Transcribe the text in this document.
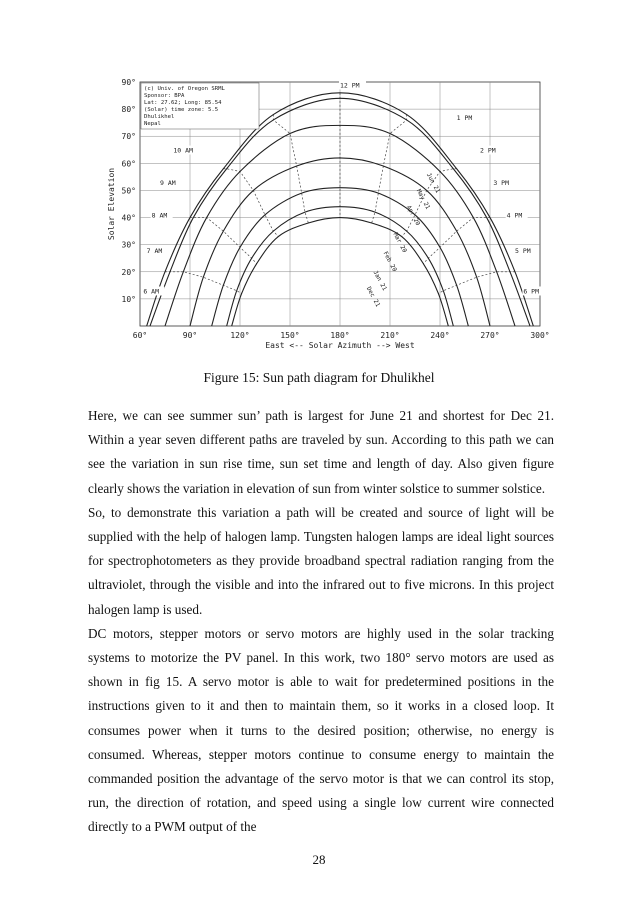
60°	90°	120°	150°	180°	210°	240°	270°	300°
10°
20°
30°
40°
50°
60°
70°
80°
90°
East <-- Solar Azimuth --> West
Solar Elevation
12 PM
1 PM
2 PM
3 PM
4 PM
5 PM
6 PM
10 AM
9 AM
8 AM
7 AM
6 AM
Jun 21
May 21
Apr 20
Mar 20
Feb 20
Jan 21
Dec 21
(c) Univ. of Oregon SRML
Sponsor: BPA
Lat: 27.62; Long: 85.54
(Solar) time zone: 5.5
Dhulikhel
Nepal
Figure 15: Sun path diagram for Dhulikhel

Here, we can see summer sun’ path is largest for June 21 and shortest for Dec 21. Within a year seven different paths are traveled by sun. According to this path we can see the variation in sun rise time, sun set time and length of day. Also given figure clearly shows the variation in elevation of sun from winter solstice to summer solstice.

So, to demonstrate this variation a path will be created and source of light will be supplied with the help of halogen lamp. Tungsten halogen lamps are ideal light sources for spectrophotometers as they provide broadband spectral radiation ranging from the ultraviolet, through the visible and into the infrared out to five microns. In this project halogen lamp is used.

DC motors, stepper motors or servo motors are highly used in the solar tracking systems to motorize the PV panel. In this work, two 180° servo motors are used as shown in fig 15. A servo motor is able to wait for predetermined positions in the instructions given to it and then to maintain them, so it works in a closed loop. It consumes power when it turns to the desired position; otherwise, no energy is consumed. Whereas, stepper motors continue to consume energy to maintain the commanded position the advantage of the servo motor is that we can control its stop, run, the direction of rotation, and speed using a single low current wire connected directly to a PWM output of the

28
